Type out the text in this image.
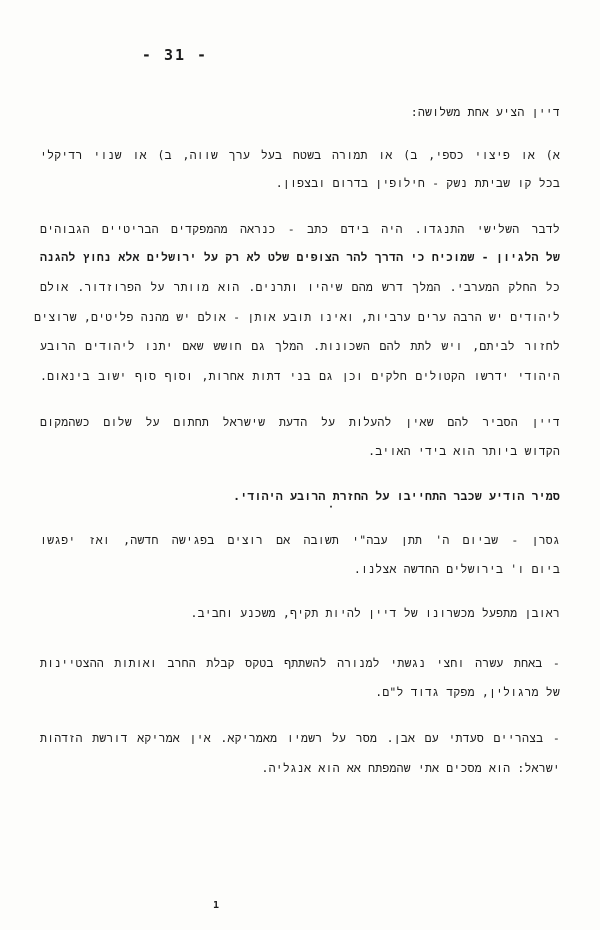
- 31 -
דיין הציע אחת משלושה:
א) או פיצוי כספי, ב) או תמורה בשטח בעל ערך שווה, ב) או שנוי רדיקלי
בכל קו שביתת נשק - חילופין בדרום ובצפון.
לדבר השלישי התנגדו. היה בידם כתב - כנראה מהמפקדים הבריטיים הגבוהים
של הלגיון - שמוכיח כי הדרך להר הצופים שלט לא רק על ירושלים אלא נחוץ להגנה
כל החלק המערבי. המלך דרש מהם שיהיו ותרנים. הוא מוותר על הפרוזדור. אולם
ליהודים יש הרבה ערים ערביות, ואינו תובע אותן - אולם יש מהנה פליטים, שרוצים
לחזור לביתם, ויש לתת להם השכונות. המלך גם חושש שאם יתנו ליהודים הרובע
היהודי ידרשו הקטולים חלקים וכן גם בני דתות אחרות, וסוף סוף ישוב בינאום.
דיין הסביר להם שאין להעלות על הדעת שישראל תחתום על שלום כשהמקום
הקדוש ביותר הוא בידי האויב.
סמיר הודיע שכבר התחייבו על החזרת הרובע היהודי.
·
גסרן - שביום ה' תתן עבה"י תשובה אם רוצים בפגישה חדשה, ואז יפגשו
ביום ו' בירושלים החדשה אצלנו.
ראובן מתפעל מכשרונו של דיין להיות תקיף, משכנע וחביב.
- באחת עשרה וחצי נגשתי למנורה להשתתף בטקס קבלת החרב ואותות ההצטיינות
של מרגולין, מפקד גדוד ל"ם.
- בצהריים סעדתי עם אבן. מסר על רשמיו מאמריקא. אין אמריקא דורשת הזדהות
ישראל: הוא מסכים אתי שהמפתח אא הוא אנגליה.
1
